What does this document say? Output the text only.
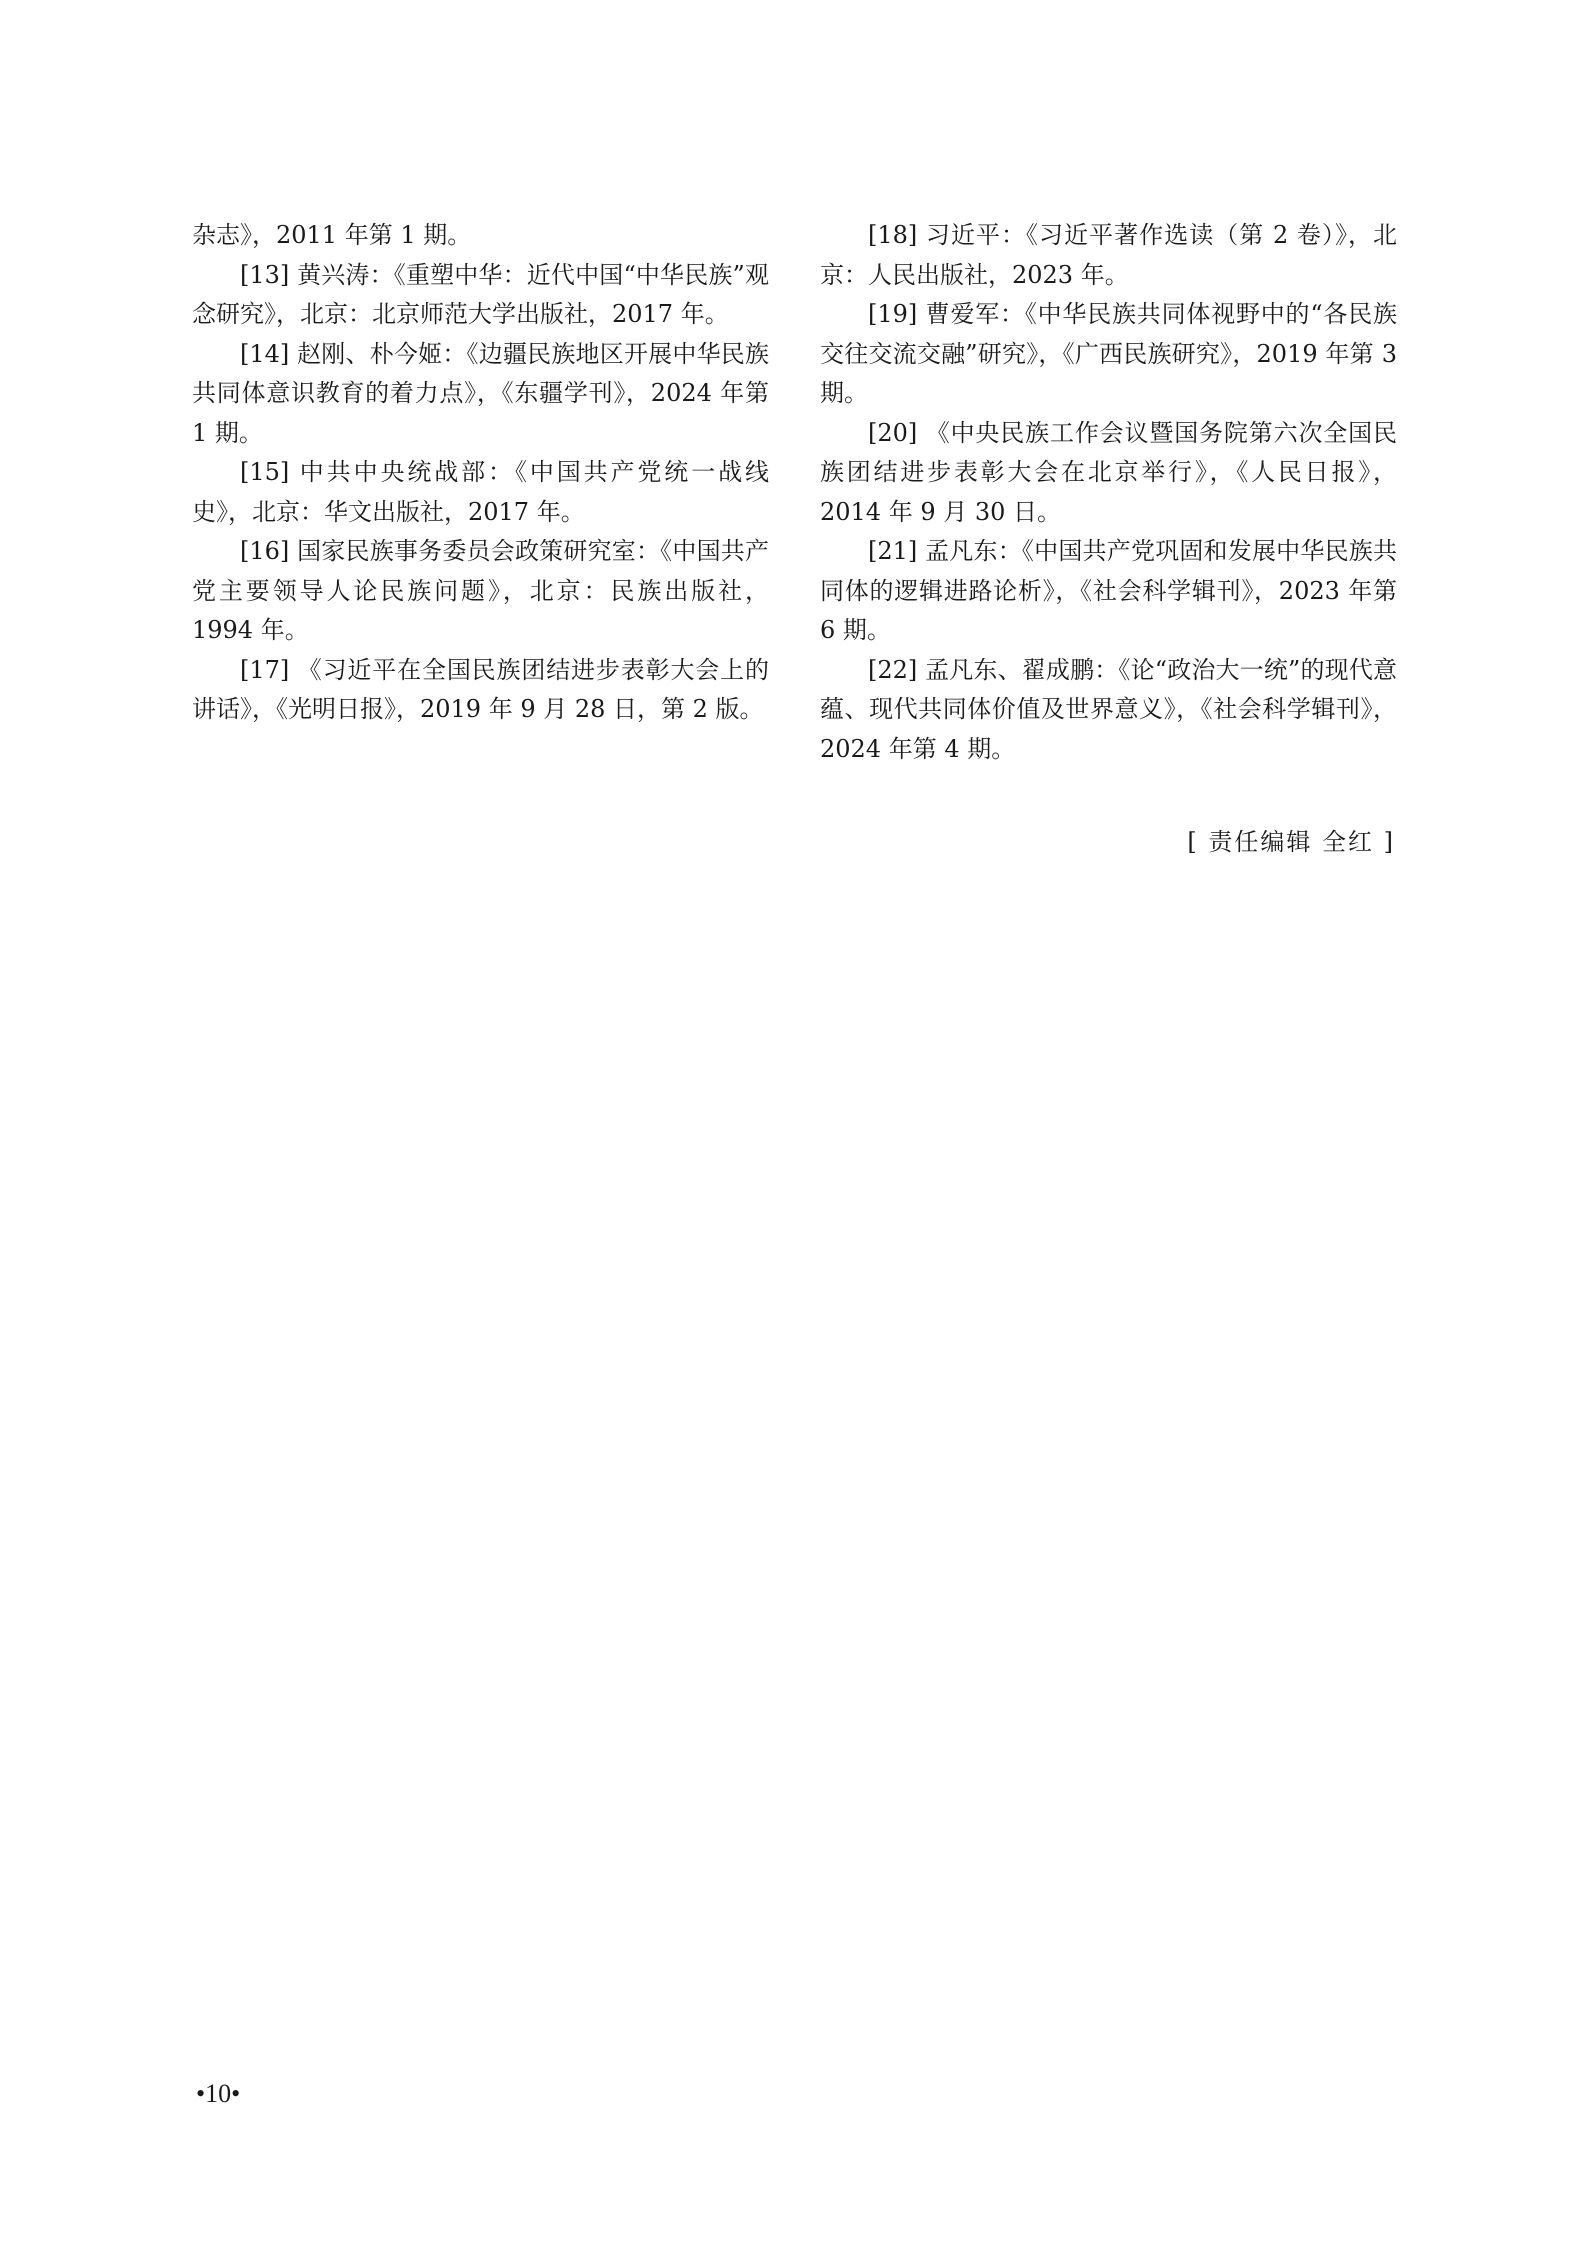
杂志》，2011 年第 1 期。

[13] 黄兴涛：《重塑中华：近代中国“中华民族”观念研究》，北京：北京师范大学出版社，2017 年。

[14] 赵刚、朴今姬：《边疆民族地区开展中华民族共同体意识教育的着力点》，《东疆学刊》，2024 年第 1 期。

[15] 中共中央统战部：《中国共产党统一战线史》，北京：华文出版社，2017 年。

[16] 国家民族事务委员会政策研究室：《中国共产党主要领导人论民族问题》，北京：民族出版社，1994 年。

[17] 《习近平在全国民族团结进步表彰大会上的讲话》，《光明日报》，2019 年 9 月 28 日，第 2 版。

[18] 习近平：《习近平著作选读（第 2 卷）》，北京：人民出版社，2023 年。

[19] 曹爱军：《中华民族共同体视野中的“各民族交往交流交融”研究》，《广西民族研究》，2019 年第 3 期。

[20] 《中央民族工作会议暨国务院第六次全国民族团结进步表彰大会在北京举行》，《人民日报》，2014 年 9 月 30 日。

[21] 孟凡东：《中国共产党巩固和发展中华民族共同体的逻辑进路论析》，《社会科学辑刊》，2023 年第 6 期。

[22] 孟凡东、翟成鹏：《论“政治大一统”的现代意蕴、现代共同体价值及世界意义》，《社会科学辑刊》，2024 年第 4 期。

[ 责任编辑 全红 ]
•10•
